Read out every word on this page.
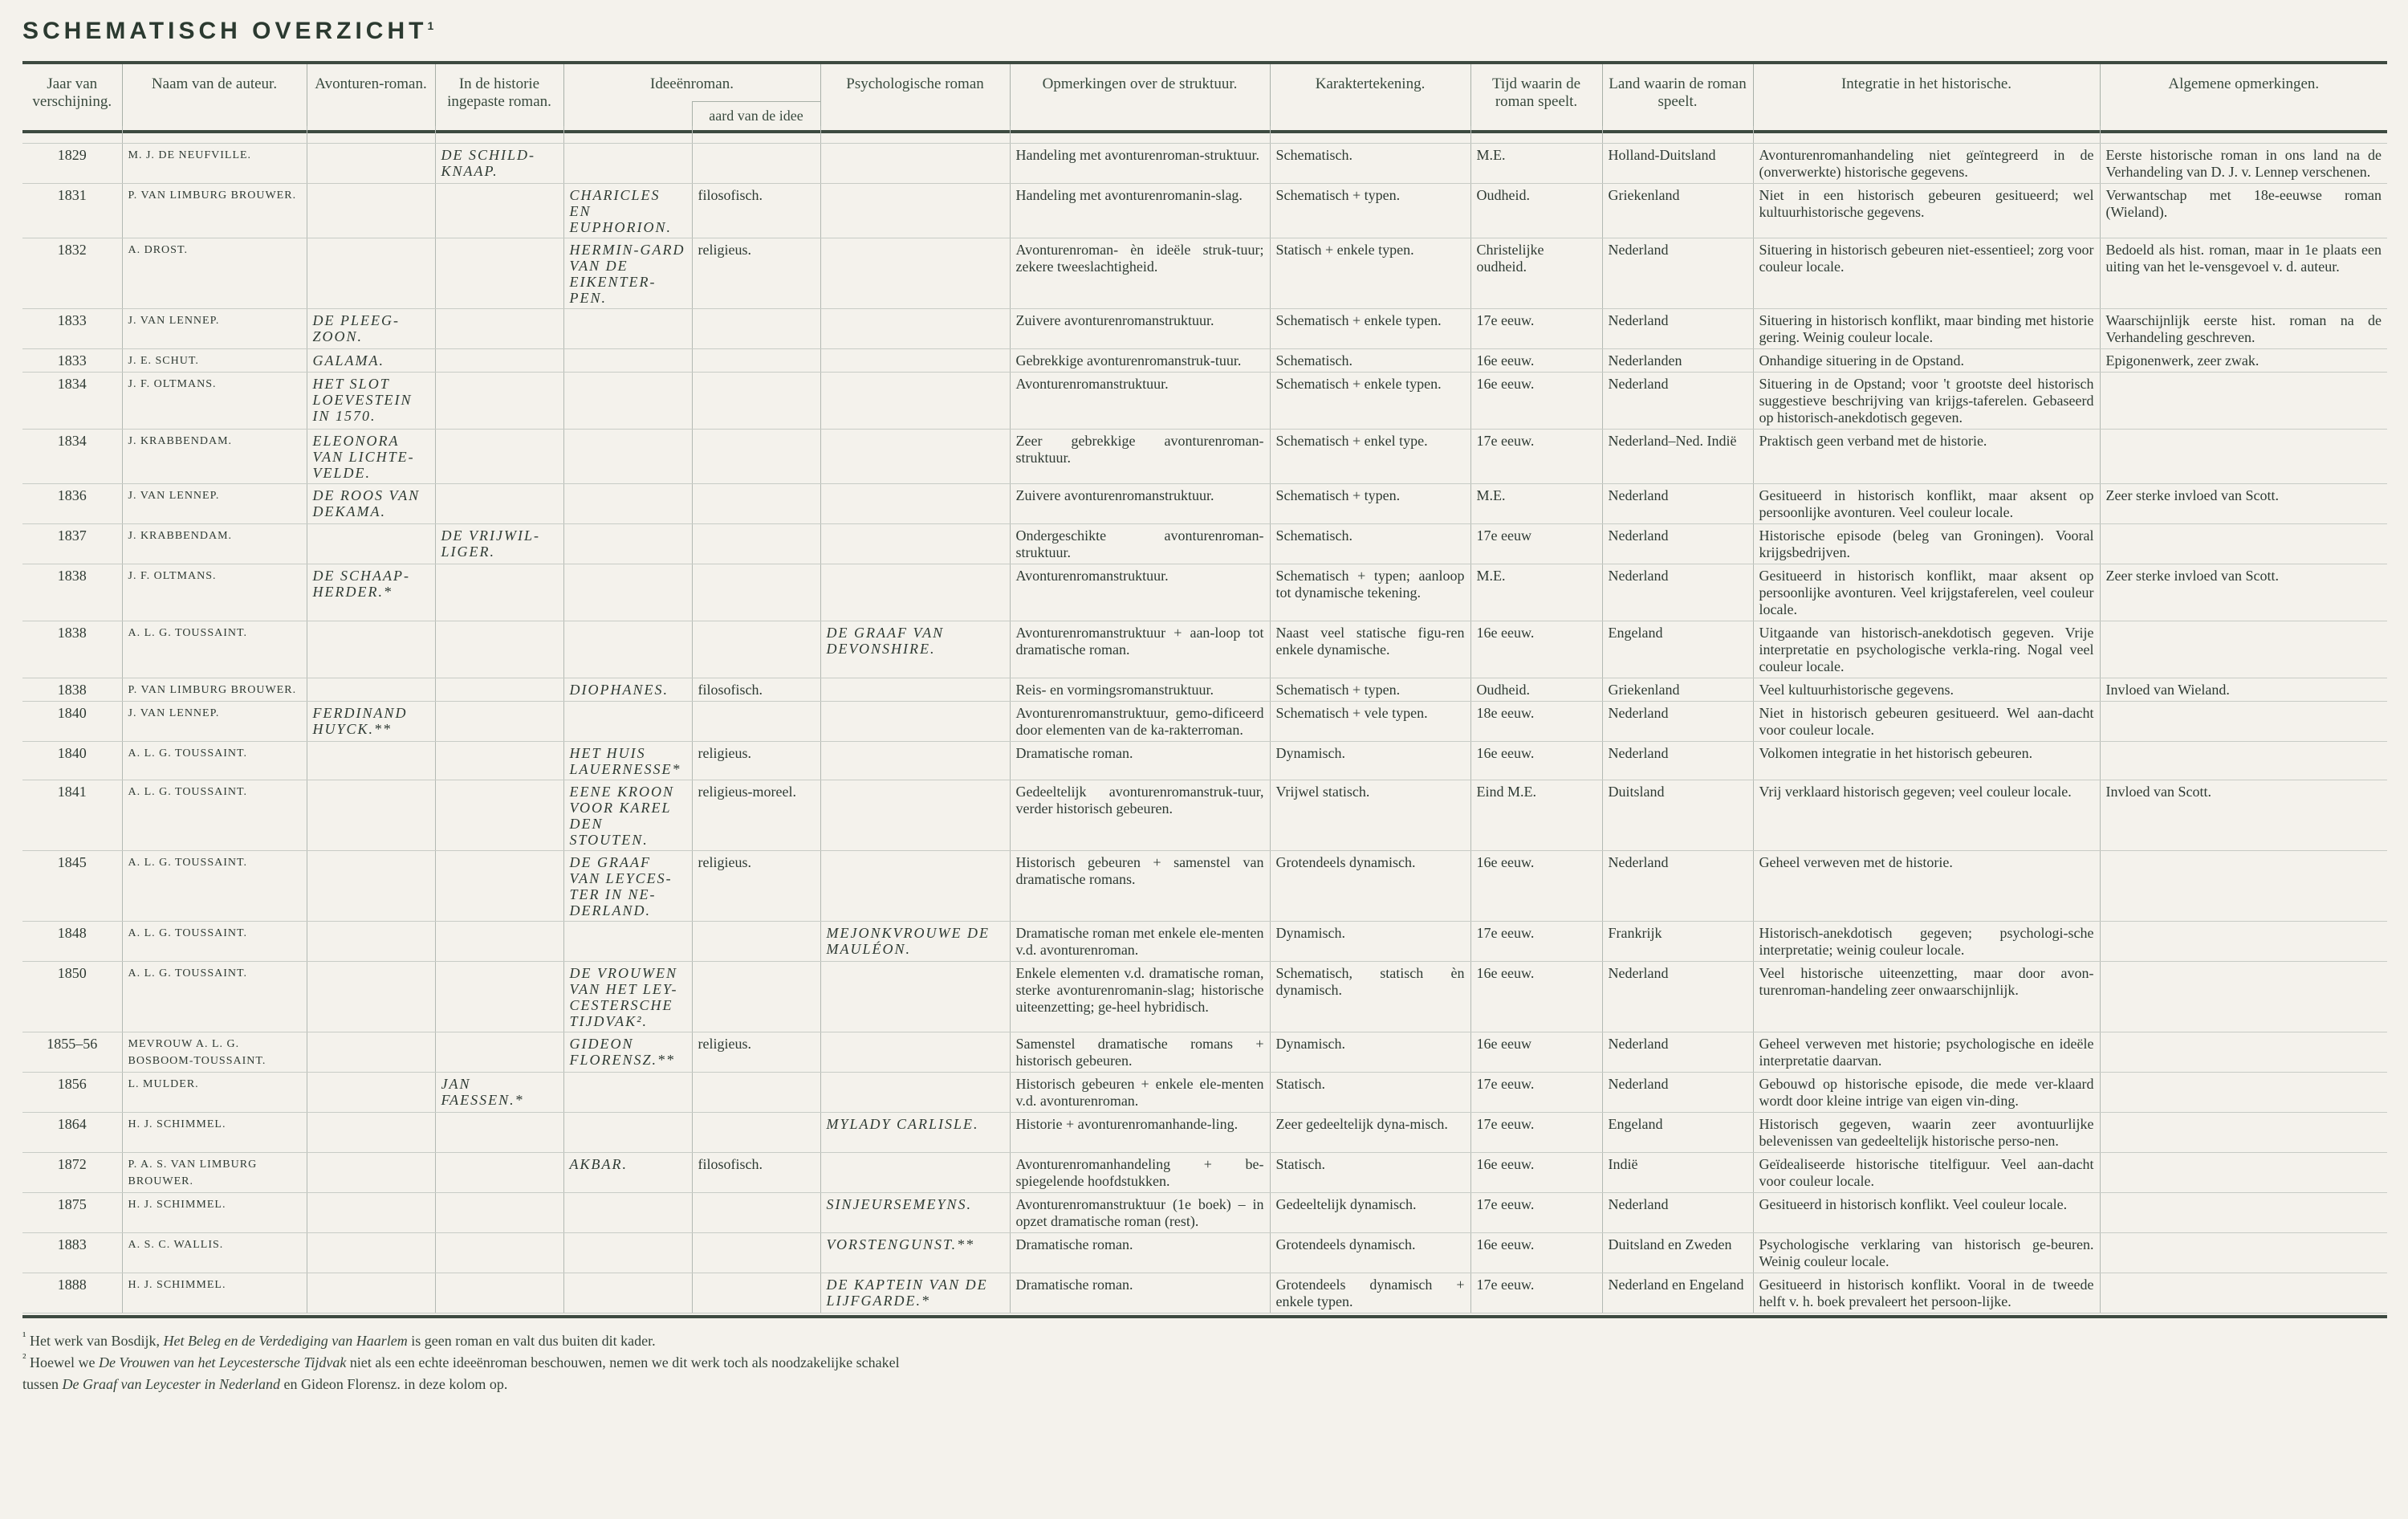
SCHEMATISCH OVERZICHT$^1$
Jaar van verschijning.	Naam van de auteur.	Avonturen-roman.	In de historie ingepaste roman.	Ideeënroman.		Psychologische roman	Opmerkingen over de struktuur.	Karaktertekening.	Tijd waarin de roman speelt.	Land waarin de roman speelt.	Integratie in het historische.	Algemene opmerkingen.
					aard van de idee							

1829	M. J. DE NEUFVILLE.		DE SCHILD-KNAAP.				Handeling met avonturenroman-struktuur.	Schematisch.	M.E.	Holland-Duitsland	Avonturenromanhandeling niet geïntegreerd in de (onverwerkte) historische gegevens.	Eerste historische roman in ons land na de Verhandeling van D. J. v. Lennep verschenen.
1831	P. VAN LIMBURG BROUWER.			CHARICLES EN EUPHORION.	filosofisch.		Handeling met avonturenromanin-slag.	Schematisch + typen.	Oudheid.	Griekenland	Niet in een historisch gebeuren gesitueerd; wel kultuurhistorische gegevens.	Verwantschap met 18e-eeuwse roman (Wieland).
1832	A. DROST.			HERMIN-GARD VAN DE EIKENTER-PEN.	religieus.		Avonturenroman- èn ideële struk-tuur; zekere tweeslachtigheid.	Statisch + enkele typen.	Christelijke oudheid.	Nederland	Situering in historisch gebeuren niet-essentieel; zorg voor couleur locale.	Bedoeld als hist. roman, maar in 1e plaats een uiting van het le-vensgevoel v. d. auteur.
1833	J. VAN LENNEP.	DE PLEEG-ZOON.					Zuivere avonturenromanstruktuur.	Schematisch + enkele typen.	17e eeuw.	Nederland	Situering in historisch konflikt, maar binding met historie gering. Weinig couleur locale.	Waarschijnlijk eerste hist. roman na de Verhandeling geschreven.
1833	J. E. SCHUT.	GALAMA.					Gebrekkige avonturenromanstruk-tuur.	Schematisch.	16e eeuw.	Nederlanden	Onhandige situering in de Opstand.	Epigonenwerk, zeer zwak.
1834	J. F. OLTMANS.	HET SLOT LOEVESTEIN IN 1570.					Avonturenromanstruktuur.	Schematisch + enkele typen.	16e eeuw.	Nederland	Situering in de Opstand; voor 't grootste deel historisch suggestieve beschrijving van krijgs-taferelen. Gebaseerd op historisch-anekdotisch gegeven.	
1834	J. KRABBENDAM.	ELEONORA VAN LICHTE-VELDE.					Zeer gebrekkige avonturenroman-struktuur.	Schematisch + enkel type.	17e eeuw.	Nederland–Ned. Indië	Praktisch geen verband met de historie.	
1836	J. VAN LENNEP.	DE ROOS VAN DEKAMA.					Zuivere avonturenromanstruktuur.	Schematisch + typen.	M.E.	Nederland	Gesitueerd in historisch konflikt, maar aksent op persoonlijke avonturen. Veel couleur locale.	Zeer sterke invloed van Scott.
1837	J. KRABBENDAM.		DE VRIJWIL-LIGER.				Ondergeschikte avonturenroman-struktuur.	Schematisch.	17e eeuw	Nederland	Historische episode (beleg van Groningen). Vooral krijgsbedrijven.	
1838	J. F. OLTMANS.	DE SCHAAP-HERDER.*					Avonturenromanstruktuur.	Schematisch + typen; aanloop tot dynamische tekening.	M.E.	Nederland	Gesitueerd in historisch konflikt, maar aksent op persoonlijke avonturen. Veel krijgstaferelen, veel couleur locale.	Zeer sterke invloed van Scott.
1838	A. L. G. TOUSSAINT.					DE GRAAF VAN DEVONSHIRE.	Avonturenromanstruktuur + aan-loop tot dramatische roman.	Naast veel statische figu-ren enkele dynamische.	16e eeuw.	Engeland	Uitgaande van historisch-anekdotisch gegeven. Vrije interpretatie en psychologische verkla-ring. Nogal veel couleur locale.	
1838	P. VAN LIMBURG BROUWER.			DIOPHANES.	filosofisch.		Reis- en vormingsromanstruktuur.	Schematisch + typen.	Oudheid.	Griekenland	Veel kultuurhistorische gegevens.	Invloed van Wieland.
1840	J. VAN LENNEP.	FERDINAND HUYCK.**					Avonturenromanstruktuur, gemo-dificeerd door elementen van de ka-rakterroman.	Schematisch + vele typen.	18e eeuw.	Nederland	Niet in historisch gebeuren gesitueerd. Wel aan-dacht voor couleur locale.	
1840	A. L. G. TOUSSAINT.			HET HUIS LAUERNESSE*	religieus.		Dramatische roman.	Dynamisch.	16e eeuw.	Nederland	Volkomen integratie in het historisch gebeuren.	
1841	A. L. G. TOUSSAINT.			EENE KROON VOOR KAREL DEN STOUTEN.	religieus-moreel.		Gedeeltelijk avonturenromanstruk-tuur, verder historisch gebeuren.	Vrijwel statisch.	Eind M.E.	Duitsland	Vrij verklaard historisch gegeven; veel couleur locale.	Invloed van Scott.
1845	A. L. G. TOUSSAINT.			DE GRAAF VAN LEYCES-TER IN NE-DERLAND.	religieus.		Historisch gebeuren + samenstel van dramatische romans.	Grotendeels dynamisch.	16e eeuw.	Nederland	Geheel verweven met de historie.	
1848	A. L. G. TOUSSAINT.					MEJONKVROUWE DE MAULÉON.	Dramatische roman met enkele ele-menten v.d. avonturenroman.	Dynamisch.	17e eeuw.	Frankrijk	Historisch-anekdotisch gegeven; psychologi-sche interpretatie; weinig couleur locale.	
1850	A. L. G. TOUSSAINT.			DE VROUWEN VAN HET LEY-CESTERSCHE TIJDVAK².			Enkele elementen v.d. dramatische roman, sterke avonturenromanin-slag; historische uiteenzetting; ge-heel hybridisch.	Schematisch, statisch èn dynamisch.	16e eeuw.	Nederland	Veel historische uiteenzetting, maar door avon-turenroman-handeling zeer onwaarschijnlijk.	
1855–56	MEVROUW A. L. G. BOSBOOM-TOUSSAINT.			GIDEON FLORENSZ.**	religieus.		Samenstel dramatische romans + historisch gebeuren.	Dynamisch.	16e eeuw	Nederland	Geheel verweven met historie; psychologische en ideële interpretatie daarvan.	
1856	L. MULDER.		JAN FAESSEN.*				Historisch gebeuren + enkele ele-menten v.d. avonturenroman.	Statisch.	17e eeuw.	Nederland	Gebouwd op historische episode, die mede ver-klaard wordt door kleine intrige van eigen vin-ding.	
1864	H. J. SCHIMMEL.					MYLADY CARLISLE.	Historie + avonturenromanhande-ling.	Zeer gedeeltelijk dyna-misch.	17e eeuw.	Engeland	Historisch gegeven, waarin zeer avontuurlijke belevenissen van gedeeltelijk historische perso-nen.	
1872	P. A. S. VAN LIMBURG BROUWER.			AKBAR.	filosofisch.		Avonturenromanhandeling + be-spiegelende hoofdstukken.	Statisch.	16e eeuw.	Indië	Geïdealiseerde historische titelfiguur. Veel aan-dacht voor couleur locale.	
1875	H. J. SCHIMMEL.					SINJEURSEMEYNS.	Avonturenromanstruktuur (1e boek) – in opzet dramatische roman (rest).	Gedeeltelijk dynamisch.	17e eeuw.	Nederland	Gesitueerd in historisch konflikt. Veel couleur locale.	
1883	A. S. C. WALLIS.					VORSTENGUNST.**	Dramatische roman.	Grotendeels dynamisch.	16e eeuw.	Duitsland en Zweden	Psychologische verklaring van historisch ge-beuren. Weinig couleur locale.	
1888	H. J. SCHIMMEL.					DE KAPTEIN VAN DE LIJFGARDE.*	Dramatische roman.	Grotendeels dynamisch + enkele typen.	17e eeuw.	Nederland en Engeland	Gesitueerd in historisch konflikt. Vooral in de tweede helft v. h. boek prevaleert het persoon-lijke.	

$^{^1}$ Het werk van Bosdijk, Het Beleg en de Verdediging van Haarlem is geen roman en valt dus buiten dit kader.

$^{^2}$ Hoewel we De Vrouwen van het Leycestersche Tijdvak niet als een echte ideeënroman beschouwen, nemen we dit werk toch als noodzakelijke schakel

tussen De Graaf van Leycester in Nederland en Gideon Florensz. in deze kolom op.
